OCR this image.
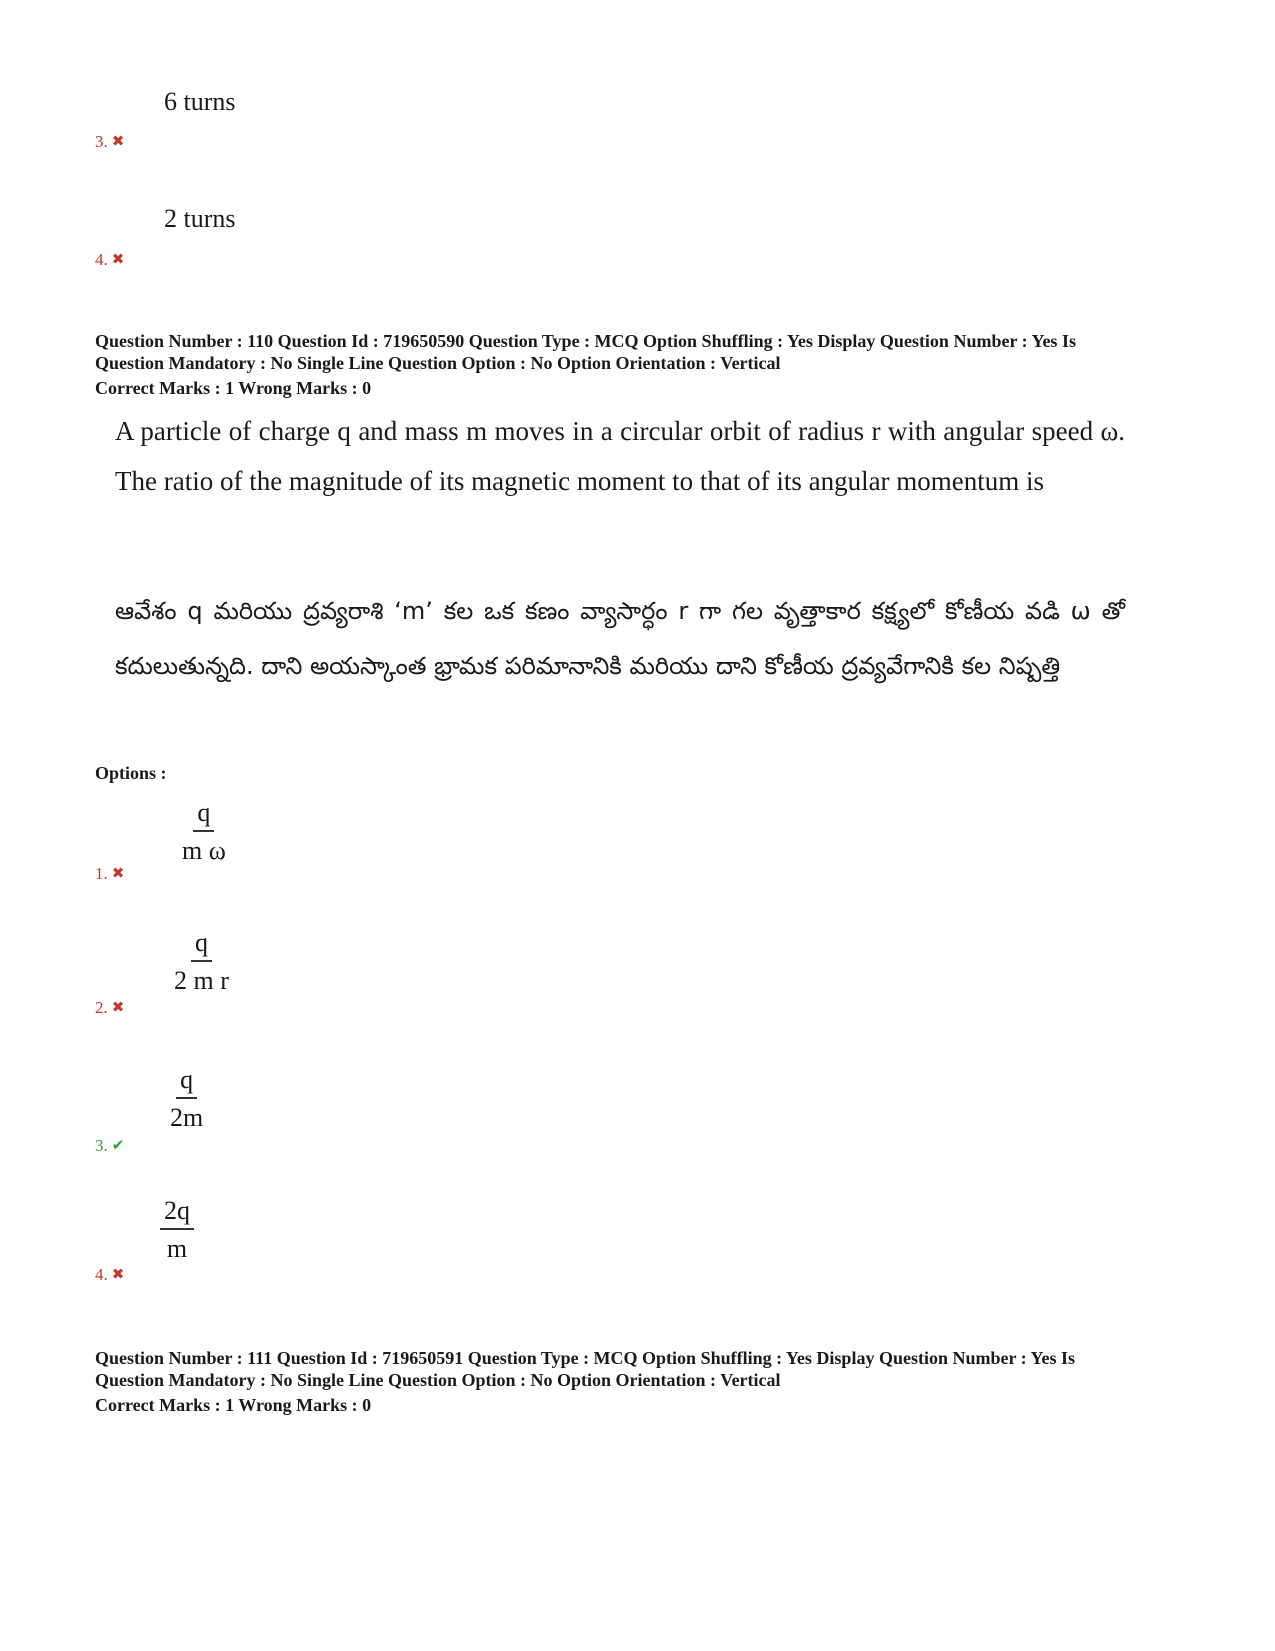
6 turns
3. ✖
2 turns
4. ✖
Question Number : 110 Question Id : 719650590 Question Type : MCQ Option Shuffling : Yes Display Question Number : Yes Is
Question Mandatory : No Single Line Question Option : No Option Orientation : Vertical
Correct Marks : 1 Wrong Marks : 0
A particle of charge q and mass m moves in a circular orbit of radius r with angular speed ω. The ratio of the magnitude of its magnetic moment to that of its angular momentum is
ఆవేశం q మరియు ద్రవ్యరాశి ‘m’ కల ఒక కణం వ్యాసార్ధం r గా గల వృత్తాకార కక్ష్యలో కోణీయ వడి ω తో కదులుతున్నది. దాని అయస్కాంత భ్రామక పరిమానానికి మరియు దాని కోణీయ ద్రవ్యవేగానికి కల నిష్పత్తి
Options :
$\frac{q}{\text{m ω}}$
1. ✖
$\frac{q}{\text{2 m r}}$
2. ✖
$\frac{q}{2m}$
3. ✔
$\frac{2q}{m}$
4. ✖
Question Number : 111 Question Id : 719650591 Question Type : MCQ Option Shuffling : Yes Display Question Number : Yes Is
Question Mandatory : No Single Line Question Option : No Option Orientation : Vertical
Correct Marks : 1 Wrong Marks : 0
